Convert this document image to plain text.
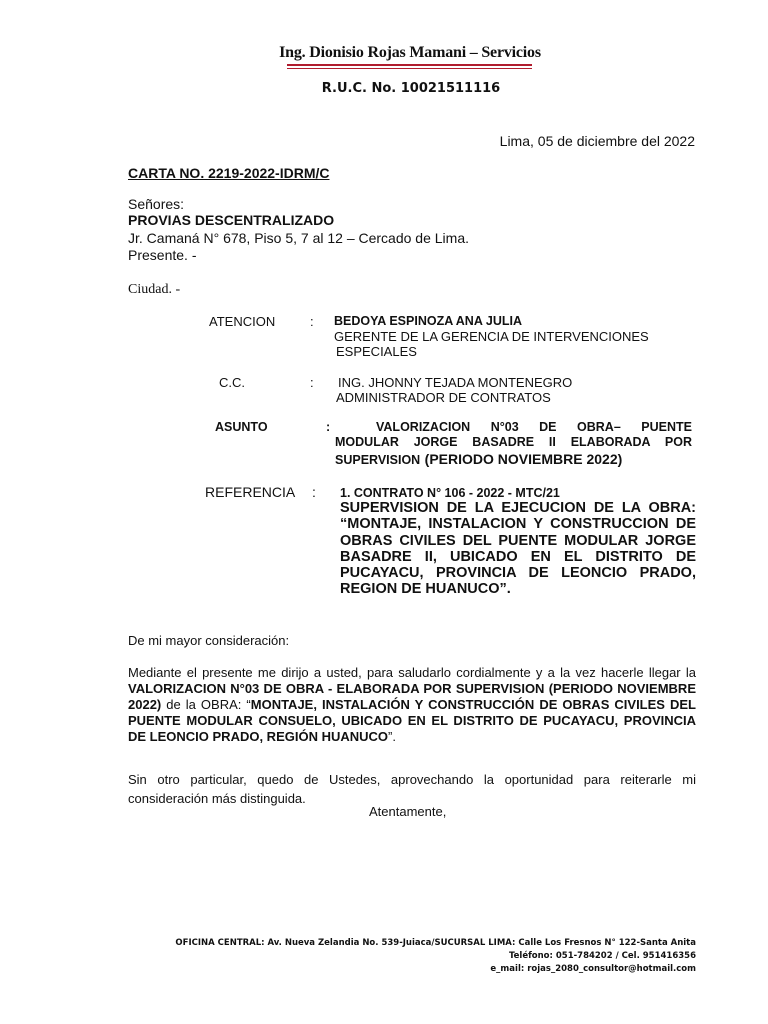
Ing. Dionisio Rojas Mamani – Servicios
R.U.C. No. 10021511116
Lima, 05 de diciembre del 2022
CARTA NO. 2219-2022-IDRM/C
Señores:
PROVIAS DESCENTRALIZADO
Jr. Camaná N° 678, Piso 5, 7 al 12 – Cercado de Lima.
Presente. -
Ciudad. -
ATENCION	: BEDOYA ESPINOZA ANA JULIA
GERENTE DE LA GERENCIA DE INTERVENCIONES
ESPECIALES
C.C.	: ING. JHONNY TEJADA MONTENEGRO
ADMINISTRADOR DE CONTRATOS
ASUNTO	:	VALORIZACION N°03 DE OBRA– PUENTE
MODULAR JORGE BASADRE II ELABORADA POR
SUPERVISION (PERIODO NOVIEMBRE 2022)
REFERENCIA : 1. CONTRATO N° 106 - 2022 - MTC/21
SUPERVISION DE LA EJECUCION DE LA OBRA: “MONTAJE, INSTALACION Y CONSTRUCCION DE OBRAS CIVILES DEL PUENTE MODULAR JORGE BASADRE II, UBICADO EN EL DISTRITO DE PUCAYACU, PROVINCIA DE LEONCIO PRADO, REGION DE HUANUCO”.
De mi mayor consideración:
Mediante el presente me dirijo a usted, para saludarlo cordialmente y a la vez hacerle llegar la VALORIZACION N°03 DE OBRA - ELABORADA POR SUPERVISION (PERIODO NOVIEMBRE 2022) de la OBRA: “MONTAJE, INSTALACIÓN Y CONSTRUCCIÓN DE OBRAS CIVILES DEL PUENTE MODULAR CONSUELO, UBICADO EN EL DISTRITO DE PUCAYACU, PROVINCIA DE LEONCIO PRADO, REGIÓN HUANUCO”.
Sin otro particular, quedo de Ustedes, aprovechando la oportunidad para reiterarle mi consideración más distinguida.
Atentamente,
OFICINA CENTRAL: Av. Nueva Zelandia No. 539-Juiaca/SUCURSAL LIMA: Calle Los Fresnos N° 122-Santa Anita
Teléfono: 051-784202 / Cel. 951416356
e_mail: rojas_2080_consultor@hotmail.com
